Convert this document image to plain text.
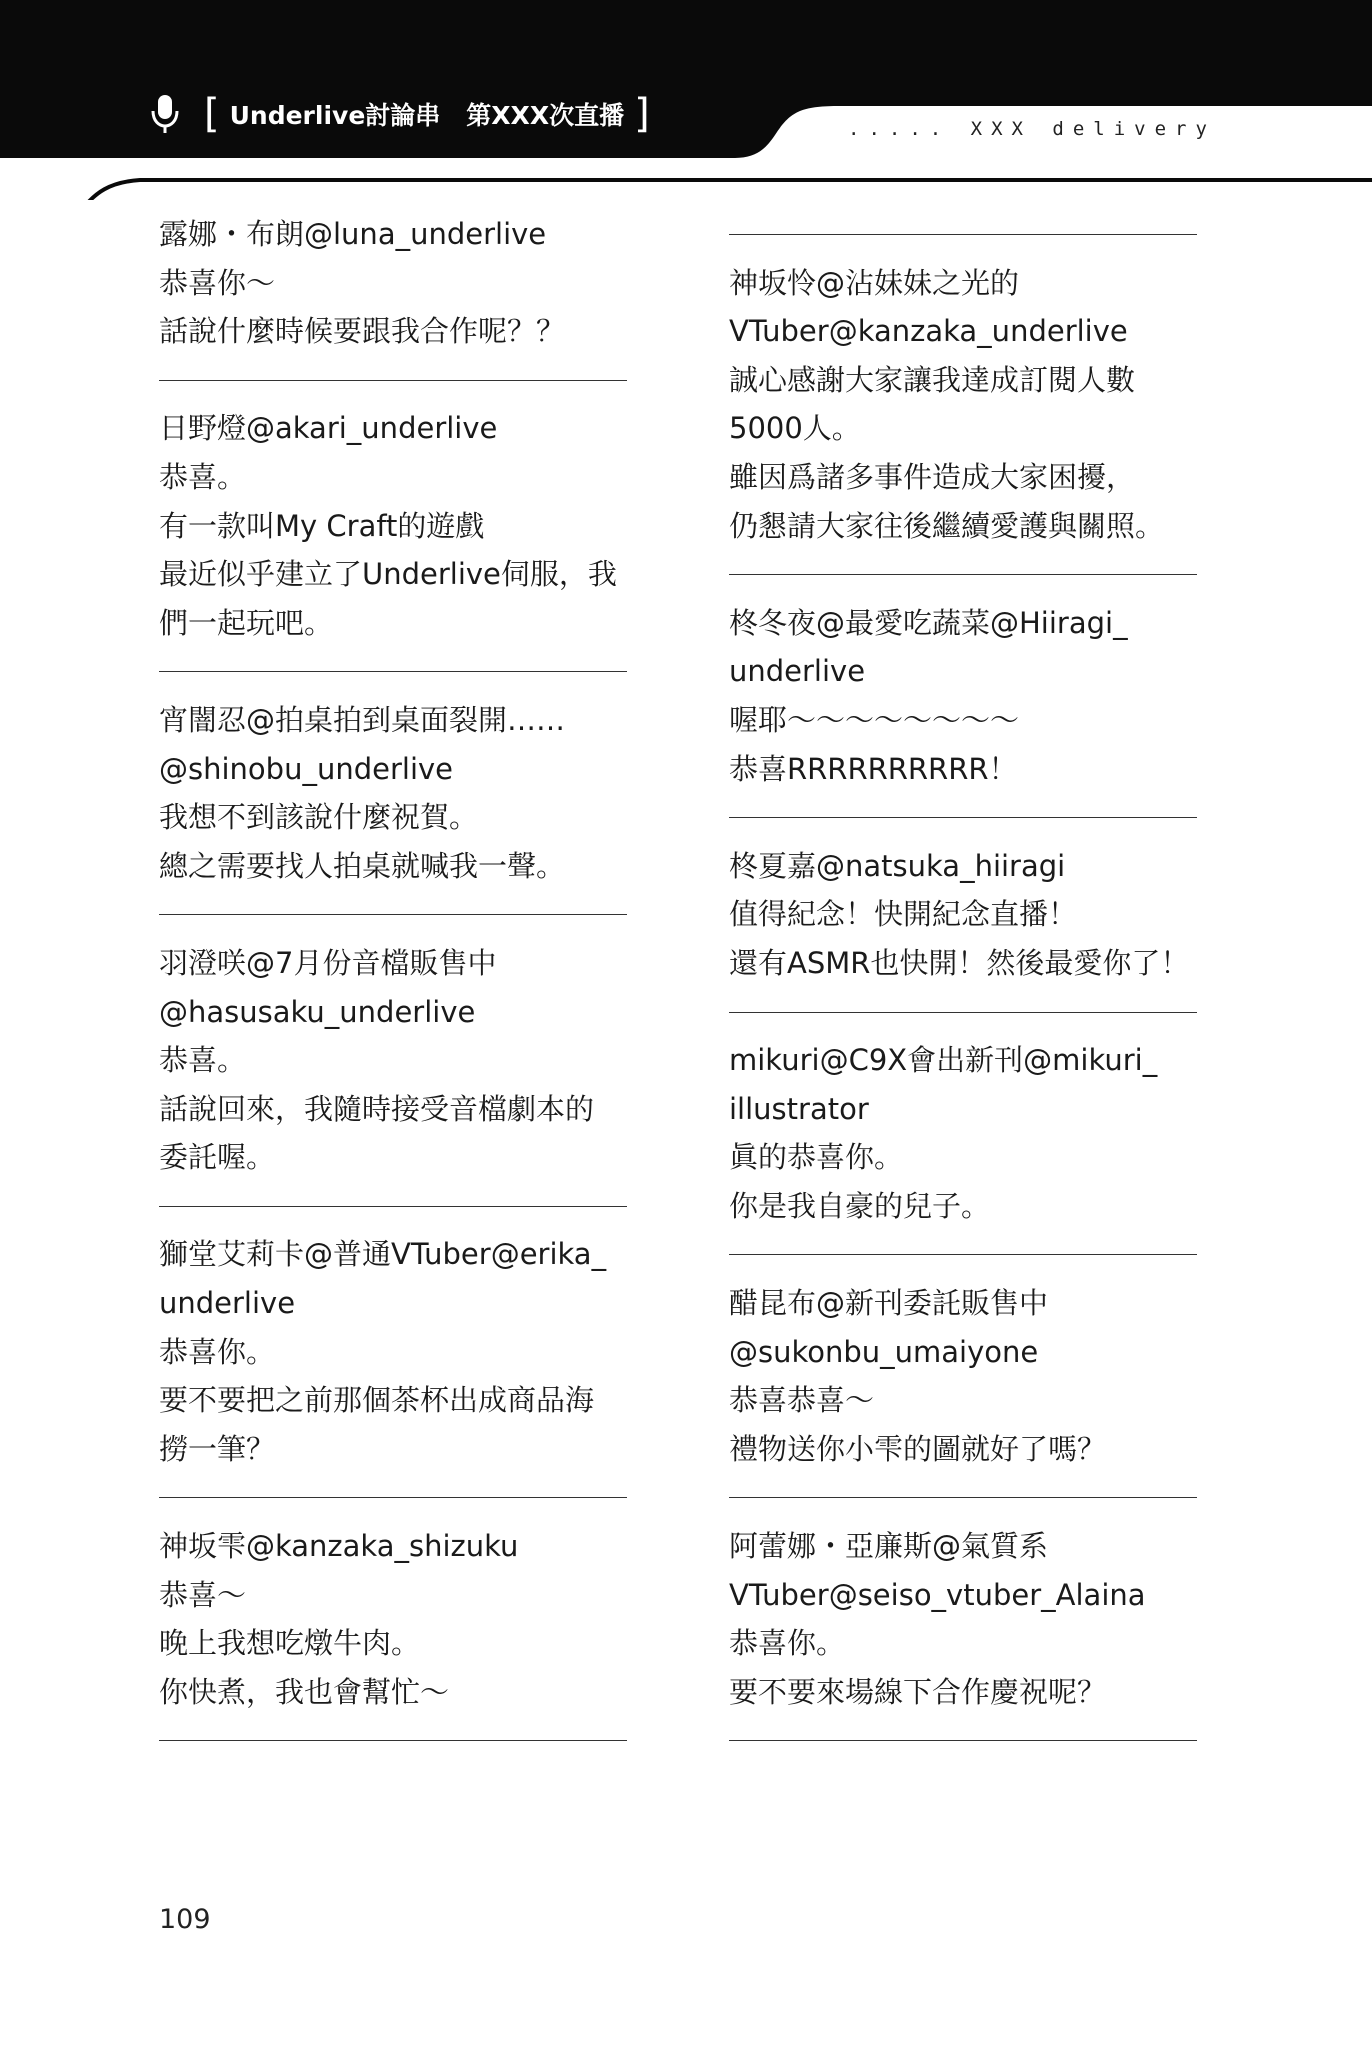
[ Underlive討論串 第XXX次直播 ]	..... XXX delivery
露娜・布朗@luna_underlive
恭喜你～
話說什麼時候要跟我合作呢？？
日野燈@akari_underlive
恭喜。
有一款叫My Craft的遊戲
最近似乎建立了Underlive伺服，我
們一起玩吧。
宵闇忍@拍桌拍到桌面裂開……
@shinobu_underlive
我想不到該說什麼祝賀。
總之需要找人拍桌就喊我一聲。
羽澄咲@7月份音檔販售中
@hasusaku_underlive
恭喜。
話說回來，我隨時接受音檔劇本的
委託喔。
獅堂艾莉卡@普通VTuber@erika_
underlive
恭喜你。
要不要把之前那個茶杯出成商品海
撈一筆？
神坂雫@kanzaka_shizuku
恭喜～
晚上我想吃燉牛肉。
你快煮，我也會幫忙～
神坂怜@沾妹妹之光的
VTuber@kanzaka_underlive
誠心感謝大家讓我達成訂閱人數
5000人。
雖因爲諸多事件造成大家困擾，
仍懇請大家往後繼續愛護與關照。
柊冬夜@最愛吃蔬菜@Hiiragi_
underlive
喔耶～～～～～～～～
恭喜RRRRRRRRRR！
柊夏嘉@natsuka_hiiragi
值得紀念！快開紀念直播！
還有ASMR也快開！然後最愛你了！
mikuri@C9X會出新刊@mikuri_
illustrator
眞的恭喜你。
你是我自豪的兒子。
醋昆布@新刊委託販售中
@sukonbu_umaiyone
恭喜恭喜～
禮物送你小雫的圖就好了嗎？
阿蕾娜・亞廉斯@氣質系
VTuber@seiso_vtuber_Alaina
恭喜你。
要不要來場線下合作慶祝呢？
109
